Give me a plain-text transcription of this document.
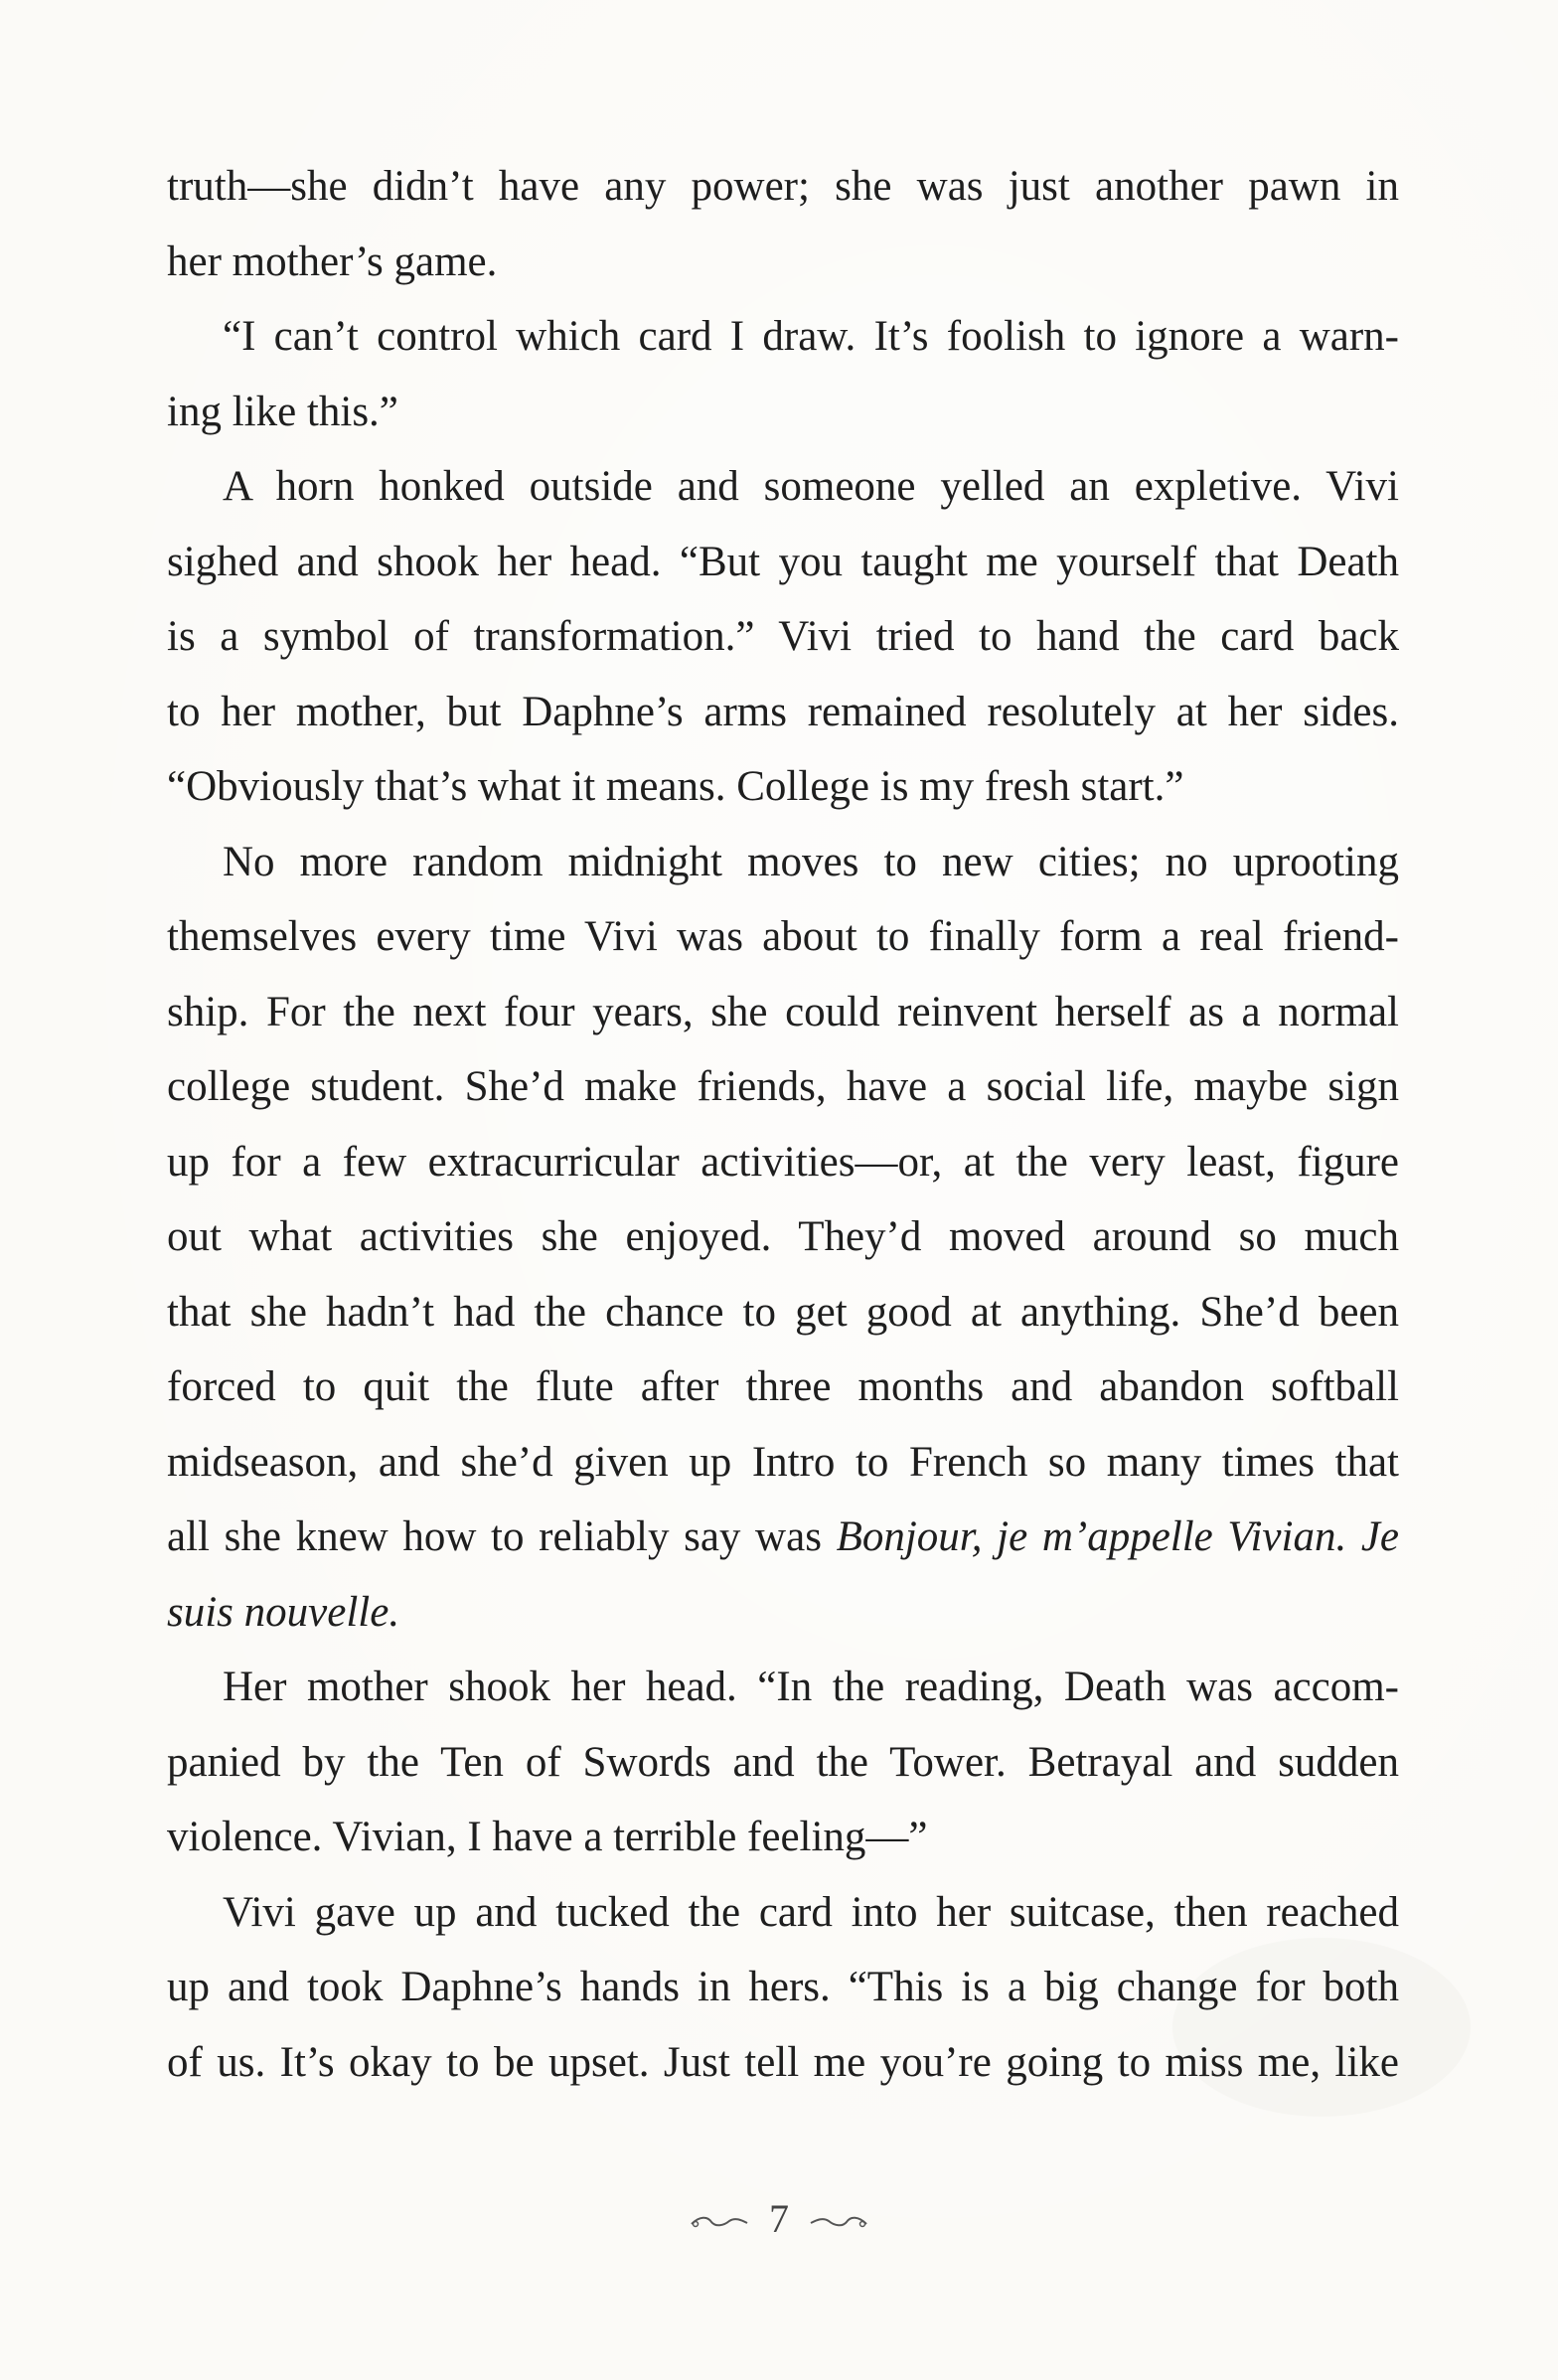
truth—she didn’t have any power; she was just another pawn in
her mother’s game.
“I can’t control which card I draw. It’s foolish to ignore a warn-
ing like this.”
A horn honked outside and someone yelled an expletive. Vivi
sighed and shook her head. “But you taught me yourself that Death
is a symbol of transformation.” Vivi tried to hand the card back
to her mother, but Daphne’s arms remained resolutely at her sides.
“Obviously that’s what it means. College is my fresh start.”
No more random midnight moves to new cities; no uprooting
themselves every time Vivi was about to finally form a real friend-
ship. For the next four years, she could reinvent herself as a normal
college student. She’d make friends, have a social life, maybe sign
up for a few extracurricular activities—or, at the very least, figure
out what activities she enjoyed. They’d moved around so much
that she hadn’t had the chance to get good at anything. She’d been
forced to quit the flute after three months and abandon softball
midseason, and she’d given up Intro to French so many times that
all she knew how to reliably say was Bonjour, je m’appelle Vivian. Je
suis nouvelle.
Her mother shook her head. “In the reading, Death was accom-
panied by the Ten of Swords and the Tower. Betrayal and sudden
violence. Vivian, I have a terrible feeling—”
Vivi gave up and tucked the card into her suitcase, then reached
up and took Daphne’s hands in hers. “This is a big change for both
of us. It’s okay to be upset. Just tell me you’re going to miss me, like
7
